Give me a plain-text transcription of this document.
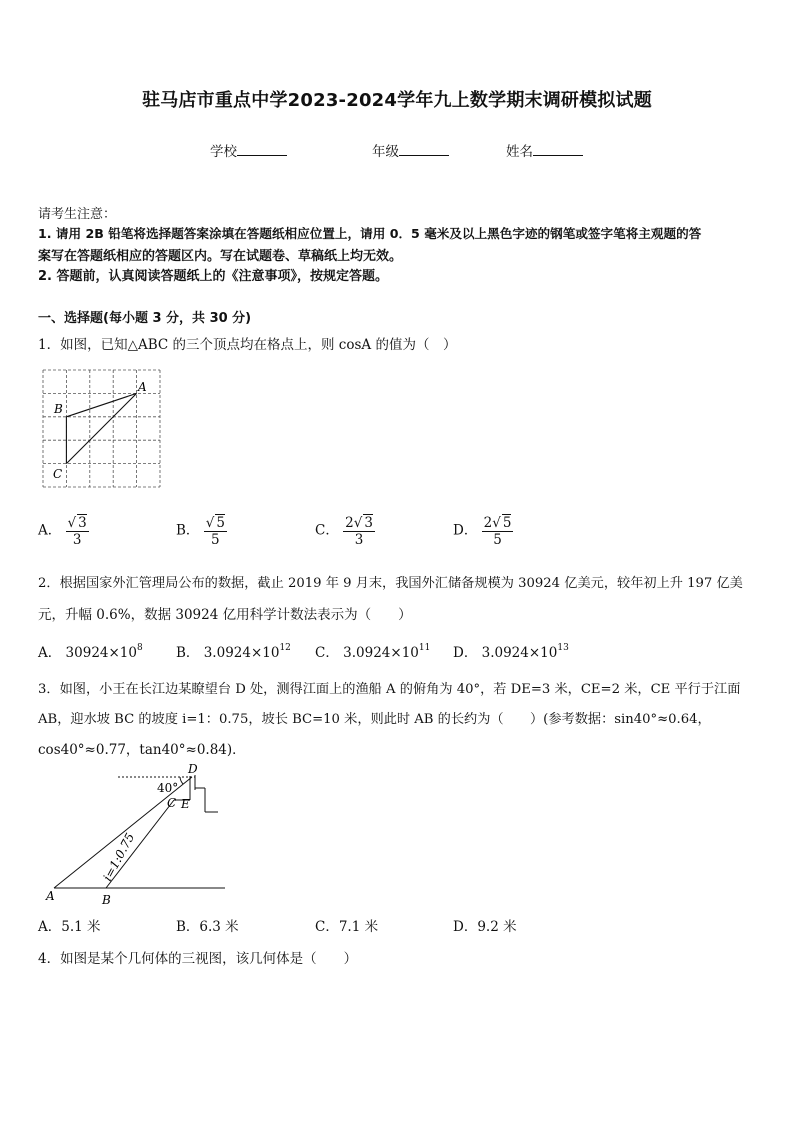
驻马店市重点中学2023-2024学年九上数学期末调研模拟试题
学校	年级	姓名
请考生注意：
1. 请用 2B 铅笔将选择题答案涂填在答题纸相应位置上，请用 0．5 毫米及以上黑色字迹的钢笔或签字笔将主观题的答
案写在答题纸相应的答题区内。写在试题卷、草稿纸上均无效。
2. 答题前，认真阅读答题纸上的《注意事项》，按规定答题。
一、选择题(每小题 3 分，共 30 分)
1．如图，已知△ABC 的三个顶点均在格点上，则 cosA 的值为（　）
A
B
C
A． $\frac{√ 3}{3}$	B． $\frac{√ 5}{5}$	C． $\frac{2√ 3}{3}$	D． $\frac{2√ 5}{5}$
2．根据国家外汇管理局公布的数据，截止 2019 年 9 月末，我国外汇储备规模为 30924 亿美元，较年初上升 197 亿美
元，升幅 0.6%，数据 30924 亿用科学计数法表示为（　　）
A． $30924\times 10^8$ B． $3.0924\times 10^{12}$ C． $3.0924\times 10^{11}$ D． $3.0924\times 10^{13}$
3．如图，小王在长江边某瞭望台 D 处，测得江面上的渔船 A 的俯角为 40°，若 DE=3 米，CE=2 米，CE 平行于江面
AB，迎水坡 BC 的坡度 i=1：0.75，坡长 BC=10 米，则此时 AB 的长约为（　　）(参考数据：sin40°≈0.64，
cos40°≈0.77，tan40°≈0.84)．
D
40°
C E
i=1:0.75
A	B
A．5.1 米	B．6.3 米	C．7.1 米	D．9.2 米
4．如图是某个几何体的三视图，该几何体是（　　）
